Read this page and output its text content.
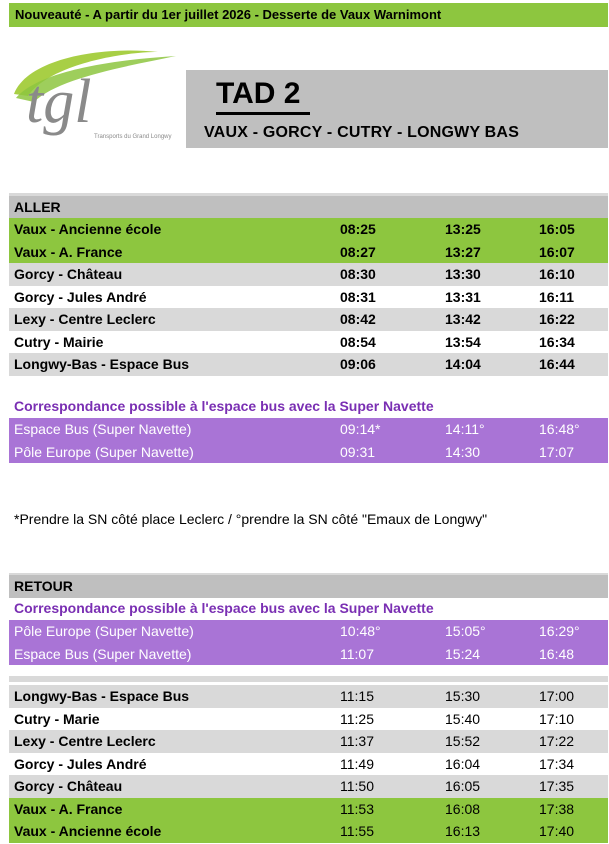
Nouveauté - A partir du 1er juillet 2026 - Desserte de Vaux Warnimont
tgl
Transports du Grand Longwy
TAD 2
VAUX - GORCY - CUTRY - LONGWY BAS
ALLER
Vaux - Ancienne école	08:25	13:25	16:05
Vaux - A. France	08:27	13:27	16:07
Gorcy - Château	08:30	13:30	16:10
Gorcy - Jules André	08:31	13:31	16:11
Lexy - Centre Leclerc	08:42	13:42	16:22
Cutry - Mairie	08:54	13:54	16:34
Longwy-Bas - Espace Bus	09:06	14:04	16:44
Correspondance possible à l'espace bus avec la Super Navette
Espace Bus (Super Navette)	09:14*	14:11°	16:48°
Pôle Europe (Super Navette)	09:31	14:30	17:07
*Prendre la SN côté place Leclerc / °prendre la SN côté "Emaux de Longwy"
RETOUR
Correspondance possible à l'espace bus avec la Super Navette
Pôle Europe (Super Navette)	10:48°	15:05°	16:29°
Espace Bus (Super Navette)	11:07	15:24	16:48
Longwy-Bas - Espace Bus	11:15	15:30	17:00
Cutry - Marie	11:25	15:40	17:10
Lexy - Centre Leclerc	11:37	15:52	17:22
Gorcy - Jules André	11:49	16:04	17:34
Gorcy - Château	11:50	16:05	17:35
Vaux - A. France	11:53	16:08	17:38
Vaux - Ancienne école	11:55	16:13	17:40
